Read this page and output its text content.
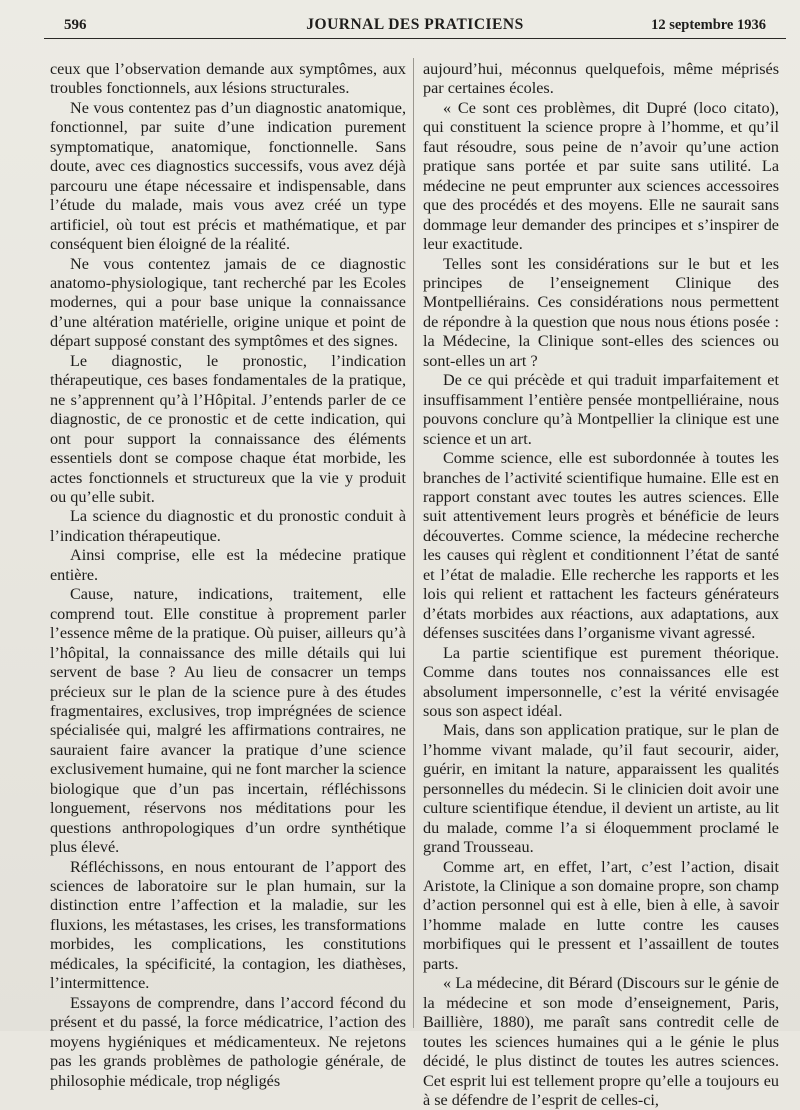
596	JOURNAL DES PRATICIENS	12 septembre 1936

ceux que l’observation demande aux symptômes, aux troubles fonctionnels, aux lésions structurales.

Ne vous contentez pas d’un diagnostic anatomique, fonctionnel, par suite d’une indication purement symptomatique, anatomique, fonctionnelle. Sans doute, avec ces diagnostics successifs, vous avez déjà parcouru une étape nécessaire et indispensable, dans l’étude du malade, mais vous avez créé un type artificiel, où tout est précis et mathématique, et par conséquent bien éloigné de la réalité.

Ne vous contentez jamais de ce diagnostic anatomo-physiologique, tant recherché par les Ecoles modernes, qui a pour base unique la connaissance d’une altération matérielle, origine unique et point de départ supposé constant des symptômes et des signes.

Le diagnostic, le pronostic, l’indication thérapeutique, ces bases fondamentales de la pratique, ne s’apprennent qu’à l’Hôpital. J’entends parler de ce diagnostic, de ce pronostic et de cette indication, qui ont pour support la connaissance des éléments essentiels dont se compose chaque état morbide, les actes fonctionnels et structureux que la vie y produit ou qu’elle subit.

La science du diagnostic et du pronostic conduit à l’indication thérapeutique.

Ainsi comprise, elle est la médecine pratique entière.

Cause, nature, indications, traitement, elle comprend tout. Elle constitue à proprement parler l’essence même de la pratique. Où puiser, ailleurs qu’à l’hôpital, la connaissance des mille détails qui lui servent de base ? Au lieu de consacrer un temps précieux sur le plan de la science pure à des études fragmentaires, exclusives, trop imprégnées de science spécialisée qui, malgré les affirmations contraires, ne sauraient faire avancer la pratique d’une science exclusivement humaine, qui ne font marcher la science biologique que d’un pas incertain, réfléchissons longuement, réservons nos méditations pour les questions anthropologiques d’un ordre synthétique plus élevé.

Réfléchissons, en nous entourant de l’apport des sciences de laboratoire sur le plan humain, sur la distinction entre l’affection et la maladie, sur les fluxions, les métastases, les crises, les transformations morbides, les complications, les constitutions médicales, la spécificité, la contagion, les diathèses, l’intermittence.

Essayons de comprendre, dans l’accord fécond du présent et du passé, la force médicatrice, l’action des moyens hygiéniques et médicamenteux. Ne rejetons pas les grands problèmes de pathologie générale, de philosophie médicale, trop négligés

aujourd’hui, méconnus quelquefois, même méprisés par certaines écoles.

« Ce sont ces problèmes, dit Dupré (loco citato), qui constituent la science propre à l’homme, et qu’il faut résoudre, sous peine de n’avoir qu’une action pratique sans portée et par suite sans utilité. La médecine ne peut emprunter aux sciences accessoires que des procédés et des moyens. Elle ne saurait sans dommage leur demander des principes et s’inspirer de leur exactitude.

Telles sont les considérations sur le but et les principes de l’enseignement Clinique des Montpelliérains. Ces considérations nous permettent de répondre à la question que nous nous étions posée : la Médecine, la Clinique sont-elles des sciences ou sont-elles un art ?

De ce qui précède et qui traduit imparfaitement et insuffisamment l’entière pensée montpelliéraine, nous pouvons conclure qu’à Montpellier la clinique est une science et un art.

Comme science, elle est subordonnée à toutes les branches de l’activité scientifique humaine. Elle est en rapport constant avec toutes les autres sciences. Elle suit attentivement leurs progrès et bénéficie de leurs découvertes. Comme science, la médecine recherche les causes qui règlent et conditionnent l’état de santé et l’état de maladie. Elle recherche les rapports et les lois qui relient et rattachent les facteurs générateurs d’états morbides aux réactions, aux adaptations, aux défenses suscitées dans l’organisme vivant agressé.

La partie scientifique est purement théorique. Comme dans toutes nos connaissances elle est absolument impersonnelle, c’est la vérité envisagée sous son aspect idéal.

Mais, dans son application pratique, sur le plan de l’homme vivant malade, qu’il faut secourir, aider, guérir, en imitant la nature, apparaissent les qualités personnelles du médecin. Si le clinicien doit avoir une culture scientifique étendue, il devient un artiste, au lit du malade, comme l’a si éloquemment proclamé le grand Trousseau.

Comme art, en effet, l’art, c’est l’action, disait Aristote, la Clinique a son domaine propre, son champ d’action personnel qui est à elle, bien à elle, à savoir l’homme malade en lutte contre les causes morbifiques qui le pressent et l’assaillent de toutes parts.

« La médecine, dit Bérard (Discours sur le génie de la médecine et son mode d’enseignement, Paris, Baillière, 1880), me paraît sans contredit celle de toutes les sciences humaines qui a le génie le plus décidé, le plus distinct de toutes les autres sciences. Cet esprit lui est tellement propre qu’elle a toujours eu à se défendre de l’esprit de celles-ci,
